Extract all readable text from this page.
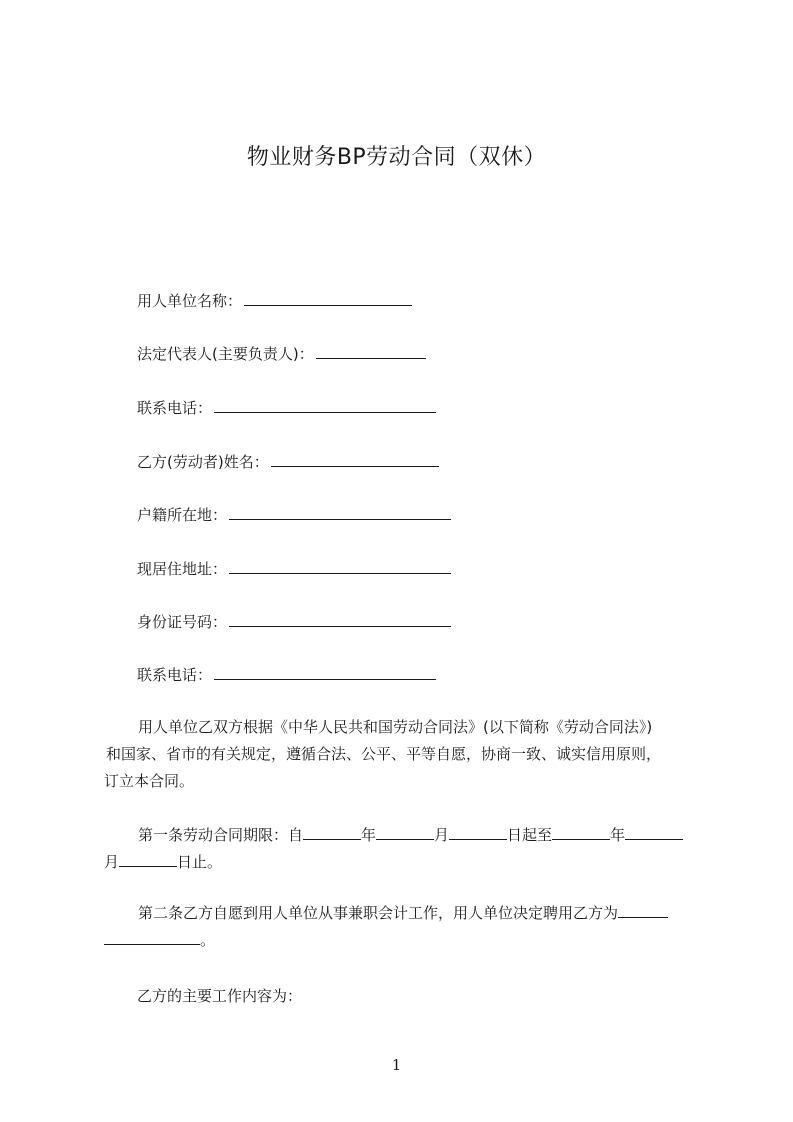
物业财务BP劳动合同（双休）
用人单位名称：
法定代表人(主要负责人)：
联系电话：
乙方(劳动者)姓名：
户籍所在地：
现居住地址：
身份证号码：
联系电话：
用人单位乙双方根据《中华人民共和国劳动合同法》(以下简称《劳动合同法》)
和国家、省市的有关规定，遵循合法、公平、平等自愿，协商一致、诚实信用原则，
订立本合同。
第一条劳动合同期限：自	年	月	日起至	年
月	日止。
第二条乙方自愿到用人单位从事兼职会计工作，用人单位决定聘用乙方为
。
乙方的主要工作内容为：
1
